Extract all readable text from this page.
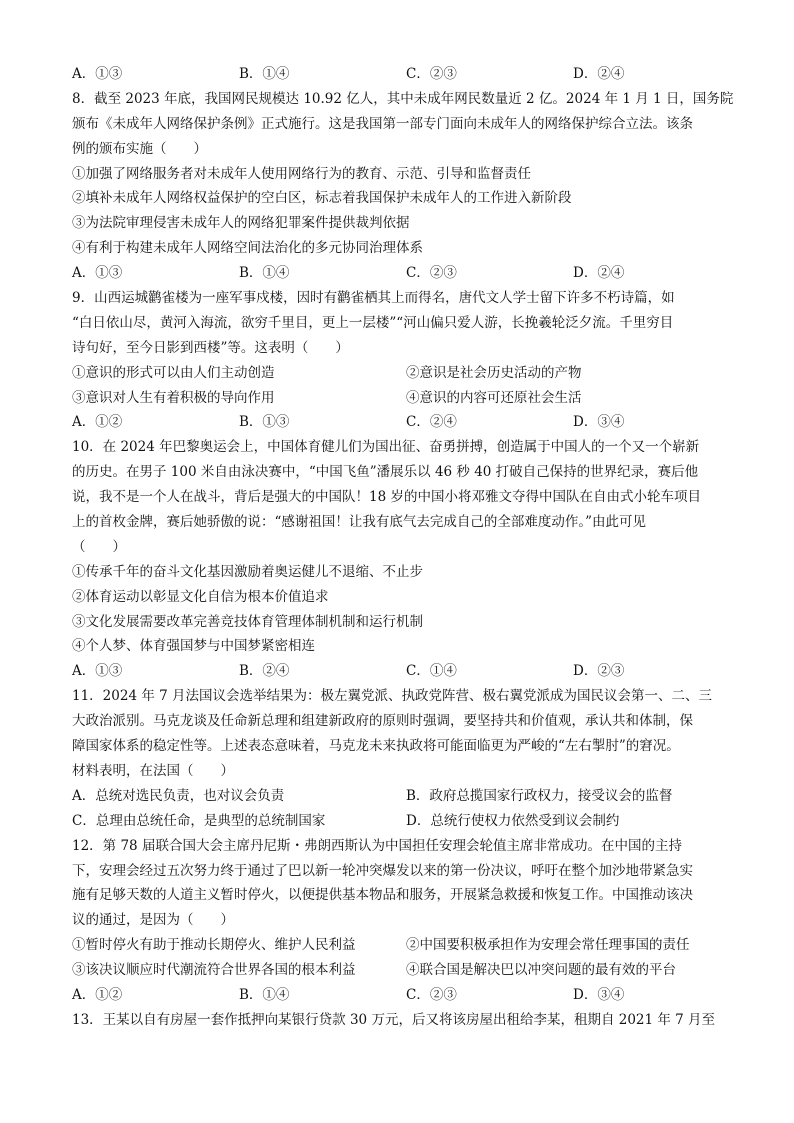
A．①③	B．①④	C．②③	D．②④
8．截至 2023 年底，我国网民规模达 10.92 亿人，其中未成年网民数量近 2 亿。2024 年 1 月 1 日，国务院
颁布《未成年人网络保护条例》正式施行。这是我国第一部专门面向未成年人的网络保护综合立法。该条
例的颁布实施（　　）
①加强了网络服务者对未成年人使用网络行为的教育、示范、引导和监督责任
②填补未成年人网络权益保护的空白区，标志着我国保护未成年人的工作进入新阶段
③为法院审理侵害未成年人的网络犯罪案件提供裁判依据
④有利于构建未成年人网络空间法治化的多元协同治理体系
A．①③	B．①④	C．②③	D．②④
9．山西运城鹳雀楼为一座军事戍楼，因时有鹳雀栖其上而得名，唐代文人学士留下许多不朽诗篇，如
“白日依山尽，黄河入海流，欲穷千里目，更上一层楼”“河山偏只爱人游，长挽羲轮泛夕流。千里穷目
诗句好，至今日影到西楼”等。这表明（　　）
①意识的形式可以由人们主动创造	②意识是社会历史活动的产物
③意识对人生有着积极的导向作用	④意识的内容可还原社会生活
A．①②	B．①③	C．②④	D．③④
10．在 2024 年巴黎奥运会上，中国体育健儿们为国出征、奋勇拼搏，创造属于中国人的一个又一个崭新
的历史。在男子 100 米自由泳决赛中，“中国飞鱼”潘展乐以 46 秒 40 打破自己保持的世界纪录，赛后他
说，我不是一个人在战斗，背后是强大的中国队！18 岁的中国小将邓雅文夺得中国队在自由式小轮车项目
上的首枚金牌，赛后她骄傲的说：“感谢祖国！让我有底气去完成自己的全部难度动作。”由此可见
（　　）
①传承千年的奋斗文化基因激励着奥运健儿不退缩、不止步
②体育运动以彰显文化自信为根本价值追求
③文化发展需要改革完善竞技体育管理体制机制和运行机制
④个人梦、体育强国梦与中国梦紧密相连
A．①③	B．②④	C．①④	D．②③
11．2024 年 7 月法国议会选举结果为：极左翼党派、执政党阵营、极右翼党派成为国民议会第一、二、三
大政治派别。马克龙谈及任命新总理和组建新政府的原则时强调，要坚持共和价值观，承认共和体制，保
障国家体系的稳定性等。上述表态意味着，马克龙未来执政将可能面临更为严峻的“左右掣肘”的窘况。
材料表明，在法国（　　）
A．总统对选民负责，也对议会负责	B．政府总揽国家行政权力，接受议会的监督
C．总理由总统任命，是典型的总统制国家	D．总统行使权力依然受到议会制约
12．第 78 届联合国大会主席丹尼斯・弗朗西斯认为中国担任安理会轮值主席非常成功。在中国的主持
下，安理会经过五次努力终于通过了巴以新一轮冲突爆发以来的第一份决议，呼吁在整个加沙地带紧急实
施有足够天数的人道主义暂时停火，以便提供基本物品和服务，开展紧急救援和恢复工作。中国推动该决
议的通过，是因为（　　）
①暂时停火有助于推动长期停火、维护人民利益	②中国要积极承担作为安理会常任理事国的责任
③该决议顺应时代潮流符合世界各国的根本利益	④联合国是解决巴以冲突问题的最有效的平台
A．①②	B．①④	C．②③	D．③④
13．王某以自有房屋一套作抵押向某银行贷款 30 万元，后又将该房屋出租给李某，租期自 2021 年 7 月至
